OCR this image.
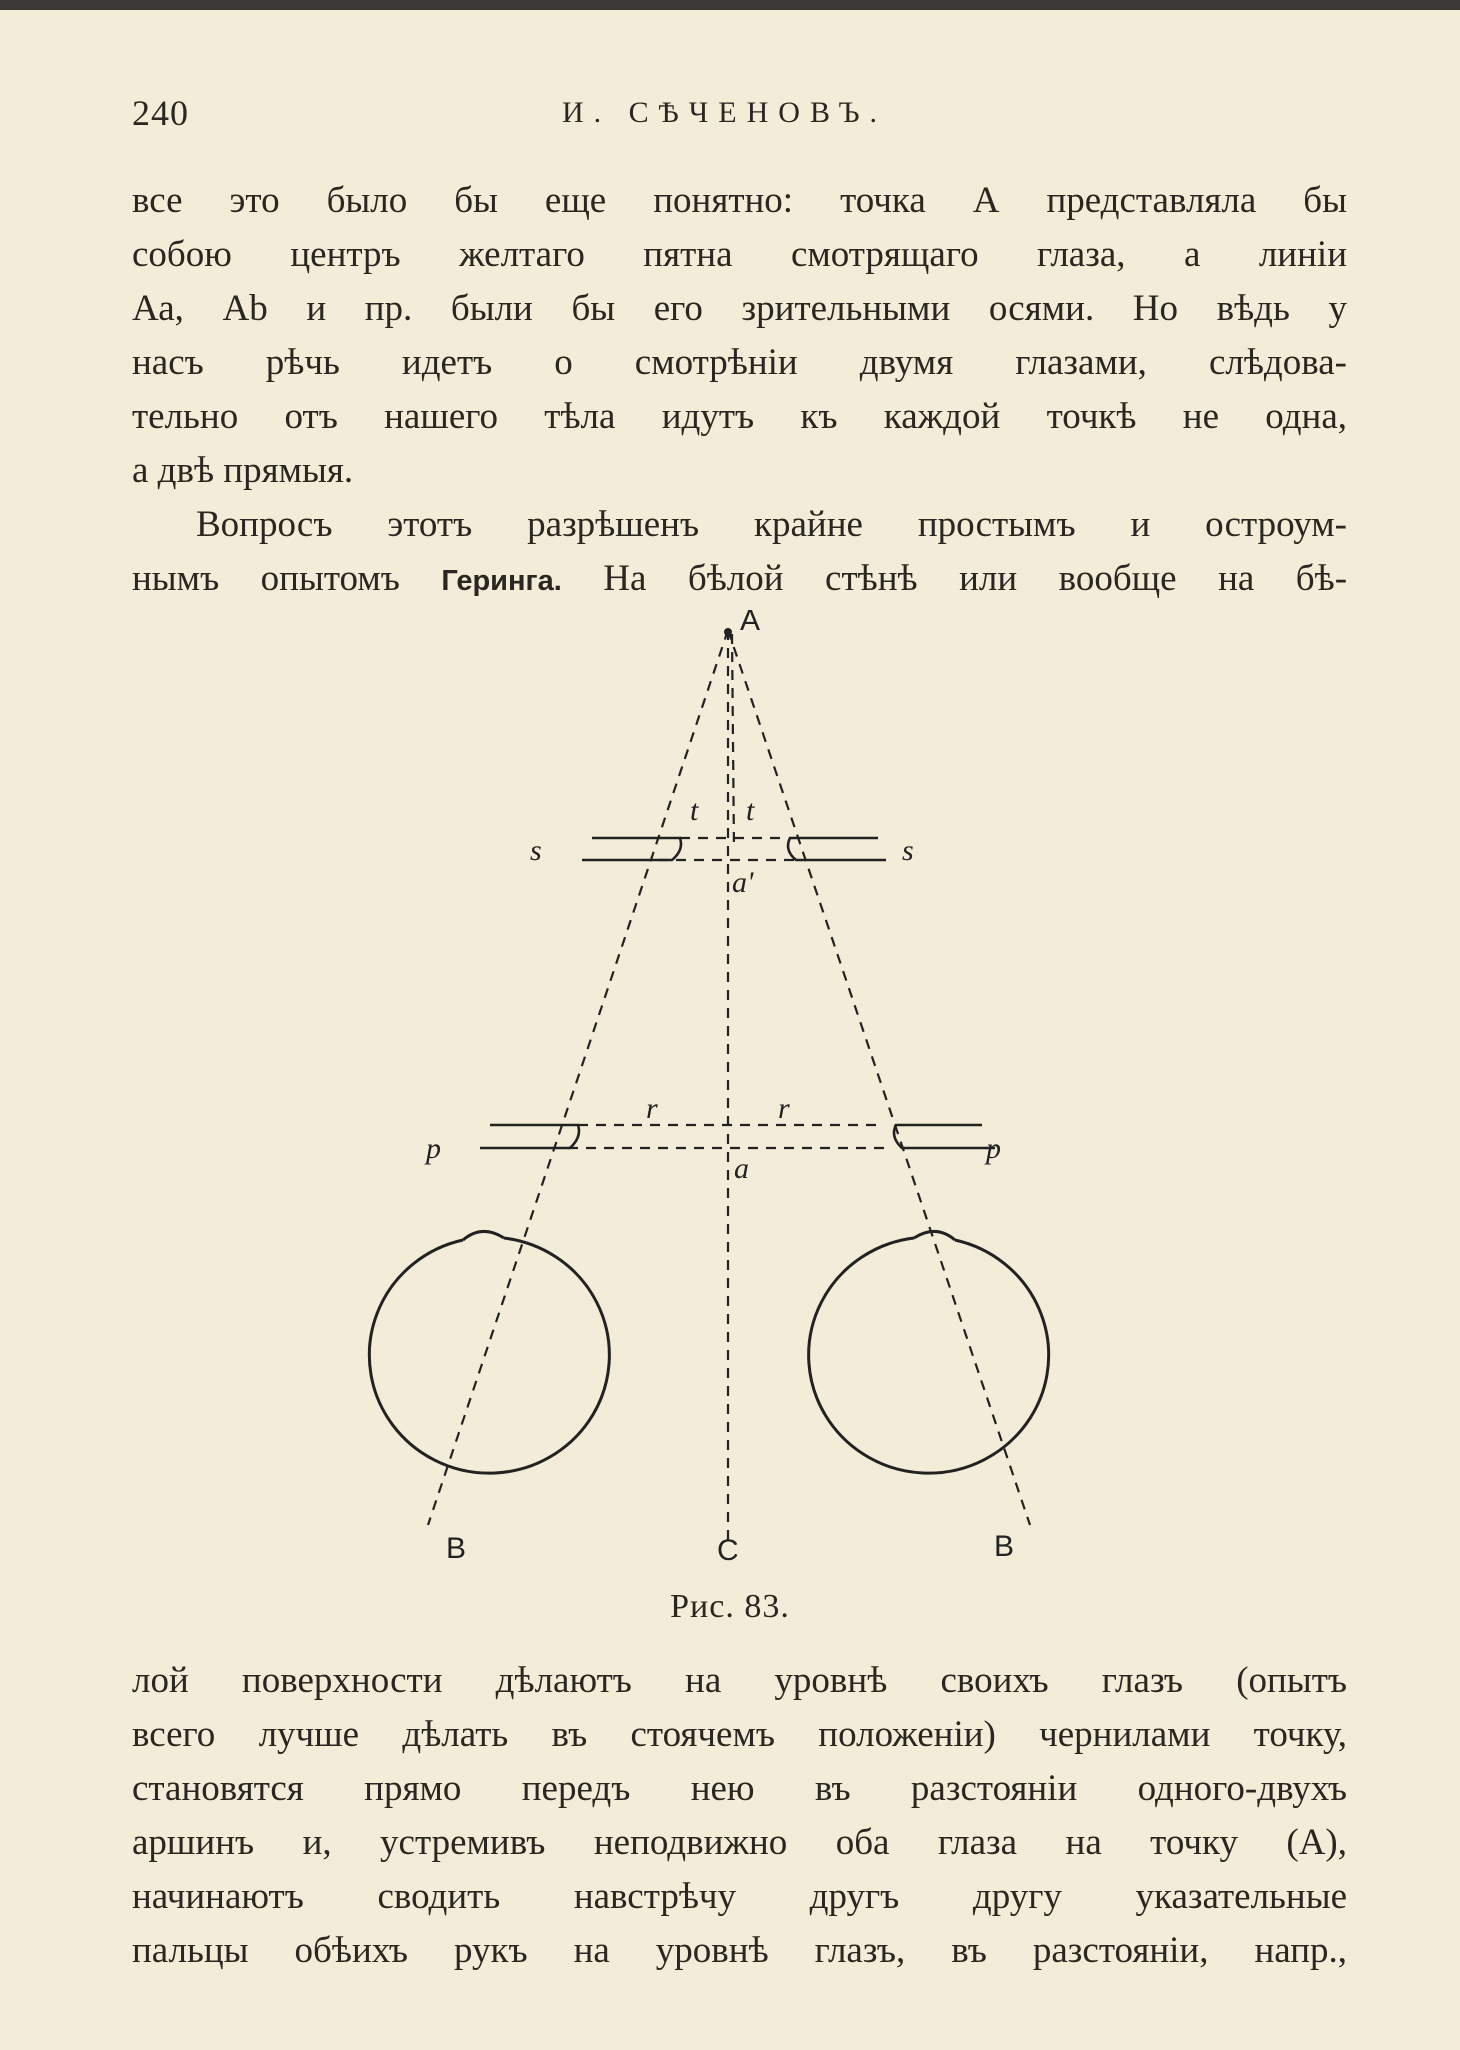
240	И. СѢЧЕНОВЪ.
все это было бы еще понятно: точка А представляла бы
собою центръ желтаго пятна смотрящаго глаза, а линіи
Аа, Аb и пр. были бы его зрительными осями. Но вѣдь у
насъ рѣчь идетъ о смотрѣніи двумя глазами, слѣдова-
тельно отъ нашего тѣла идутъ къ каждой точкѣ не одна,
а двѣ прямыя.
Вопросъ этотъ разрѣшенъ крайне простымъ и остроум-
нымъ опытомъ Геринга. На бѣлой стѣнѣ или вообще на бѣ-
A
t t
s	s
a'
r	r
p	p
a
B	C	B
Рис. 83.
лой поверхности дѣлаютъ на уровнѣ своихъ глазъ (опытъ
всего лучше дѣлать въ стоячемъ положеніи) чернилами точку,
становятся прямо передъ нею въ разстояніи одного-двухъ
аршинъ и, устремивъ неподвижно оба глаза на точку (А),
начинаютъ сводить навстрѣчу другъ другу указательные
пальцы обѣихъ рукъ на уровнѣ глазъ, въ разстояніи, напр.,
